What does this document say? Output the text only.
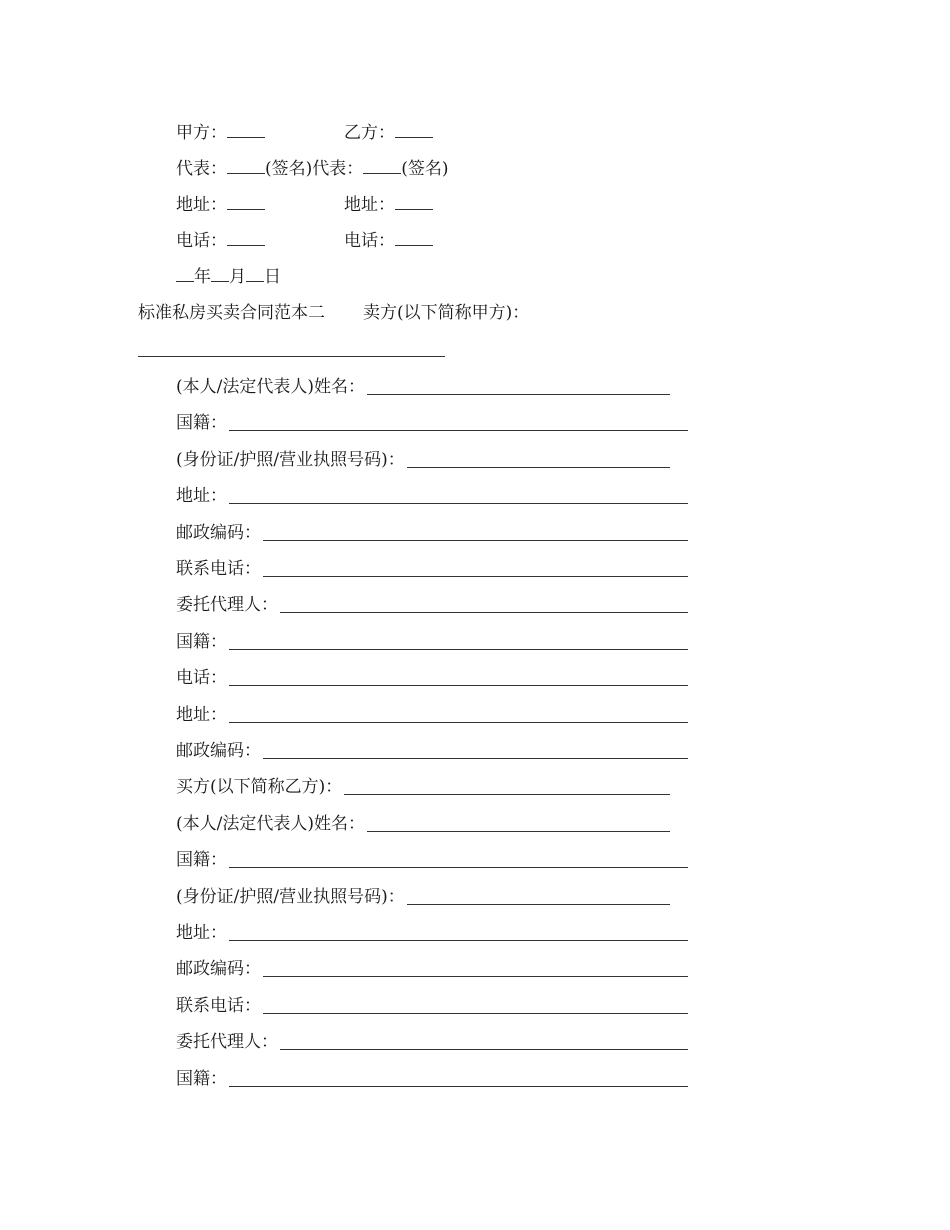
甲方：	乙方：
代表： (签名)代表： (签名)
地址：	地址：
电话：	电话：
年 月 日
标准私房买卖合同范本二 卖方(以下简称甲方)：
(本人/法定代表人)姓名：
国籍：
(身份证/护照/营业执照号码)：
地址：
邮政编码：
联系电话：
委托代理人：
国籍：
电话：
地址：
邮政编码：
买方(以下简称乙方)：
(本人/法定代表人)姓名：
国籍：
(身份证/护照/营业执照号码)：
地址：
邮政编码：
联系电话：
委托代理人：
国籍：
